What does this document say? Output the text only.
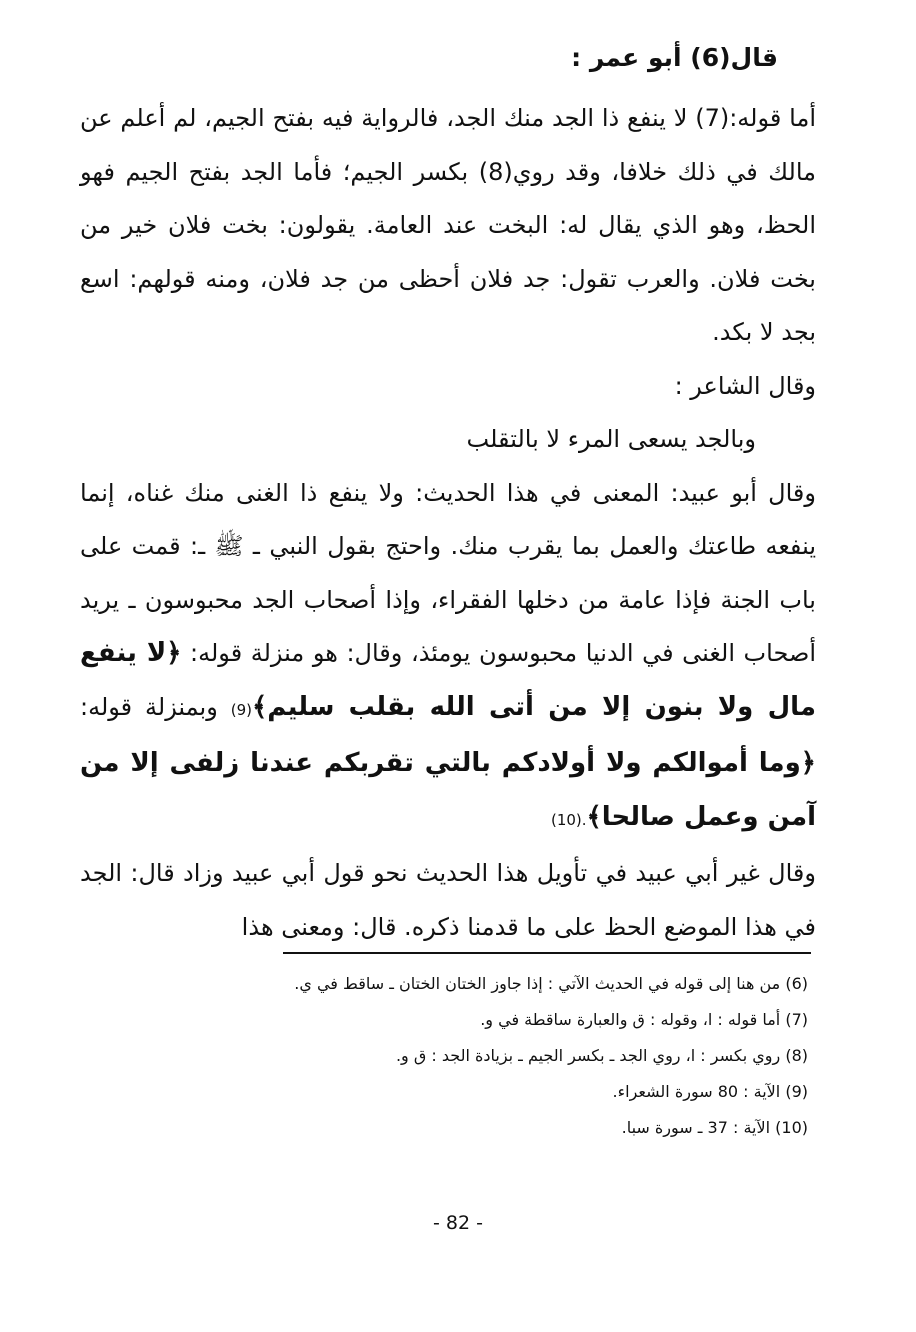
قال(6) أبو عمر :

أما قوله:(7) لا ينفع ذا الجد منك الجد، فالرواية فيه بفتح الجيم، لم أعلم عن مالك في ذلك خلافا، وقد روي(8) بكسر الجيم؛ فأما الجد بفتح الجيم فهو الحظ، وهو الذي يقال له: البخت عند العامة. يقولون: بخت فلان خير من بخت فلان. والعرب تقول: جد فلان أحظى من جد فلان، ومنه قولهم: اسع بجد لا بكد.

وقال الشاعر :

وبالجد يسعى المرء لا بالتقلب

وقال أبو عبيد: المعنى في هذا الحديث: ولا ينفع ذا الغنى منك غناه، إنما ينفعه طاعتك والعمل بما يقرب منك. واحتج بقول النبي ـ ﷺ ـ: قمت على باب الجنة فإذا عامة من دخلها الفقراء، وإذا أصحاب الجد محبوسون ـ يريد أصحاب الغنى في الدنيا محبوسون يومئذ، وقال: هو منزلة قوله: ﴿لا ينفع مال ولا بنون إلا من أتى الله بقلب سليم﴾(9) وبمنزلة قوله: ﴿وما أموالكم ولا أولادكم بالتي تقربكم عندنا زلفى إلا من آمن وعمل صالحا﴾.(10)

وقال غير أبي عبيد في تأويل هذا الحديث نحو قول أبي عبيد وزاد قال: الجد في هذا الموضع الحظ على ما قدمنا ذكره. قال: ومعنى هذا

(6) من هنا إلى قوله في الحديث الآتي : إذا جاوز الختان الختان ـ ساقط في ي.
(7) أما قوله : ا، وقوله : ق والعبارة ساقطة في و.
(8) روي بكسر : ا، روي الجد ـ بكسر الجيم ـ بزيادة الجد : ق و.
(9) الآية : 80 سورة الشعراء.
(10) الآية : 37 ـ سورة سبا.
- 82 -
